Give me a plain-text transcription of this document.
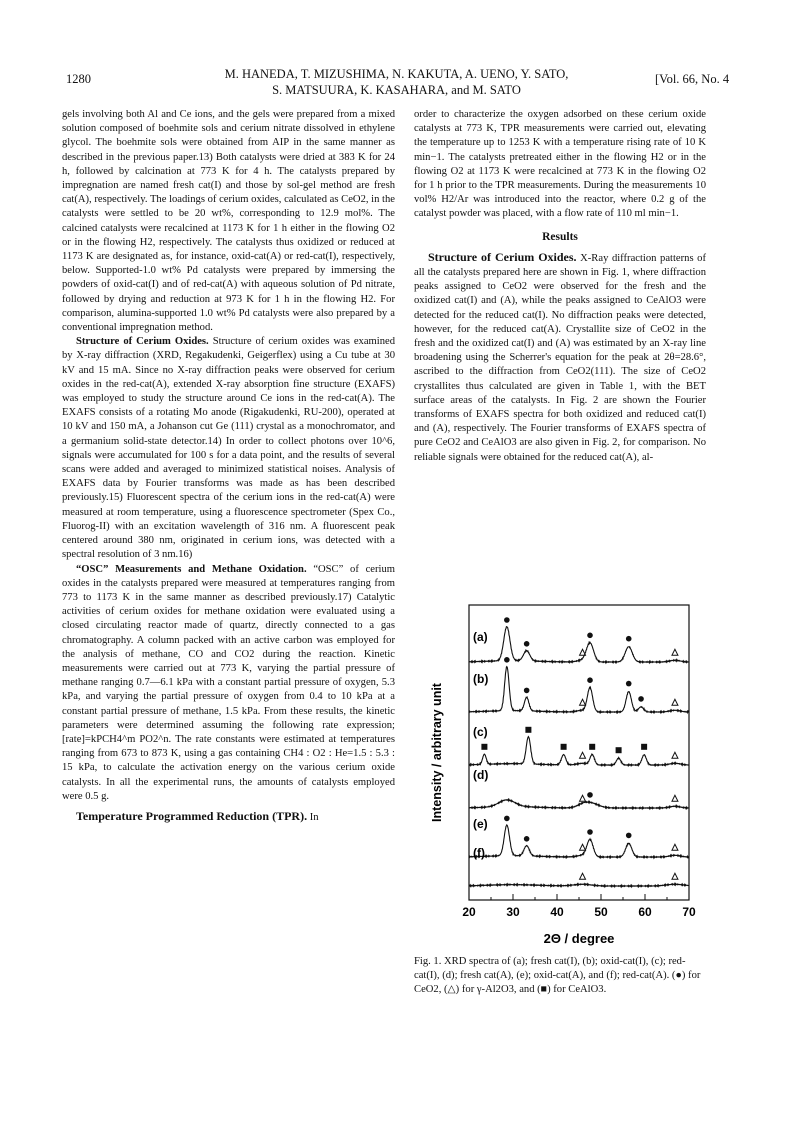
1280	M. HANEDA, T. MIZUSHIMA, N. KAKUTA, A. UENO, Y. SATO,
S. MATSUURA, K. KASAHARA, and M. SATO
[Vol. 66, No. 4

gels involving both Al and Ce ions, and the gels were prepared from a mixed solution composed of boehmite sols and cerium nitrate dissolved in ethylene glycol. The boehmite sols were obtained from AIP in the same manner as described in the previous paper.13) Both catalysts were dried at 383 K for 24 h, followed by calcination at 773 K for 4 h. The catalysts prepared by impregnation are named fresh cat(I) and those by sol-gel method are fresh cat(A), respectively. The loadings of cerium oxides, calculated as CeO2, in the catalysts were settled to be 20 wt%, corresponding to 12.9 mol%. The calcined catalysts were recalcined at 1173 K for 1 h either in the flowing O2 or in the flowing H2, respectively. The catalysts thus oxidized or reduced at 1173 K are designated as, for instance, oxid-cat(A) or red-cat(I), respectively, below. Supported-1.0 wt% Pd catalysts were prepared by immersing the powders of oxid-cat(I) and of red-cat(A) with aqueous solution of Pd nitrate, followed by drying and reduction at 973 K for 1 h in the flowing H2. For comparison, alumina-supported 1.0 wt% Pd catalysts were also prepared by a conventional impregnation method.

Structure of Cerium Oxides. Structure of cerium oxides was examined by X-ray diffraction (XRD, Regakudenki, Geigerflex) using a Cu tube at 30 kV and 15 mA. Since no X-ray diffraction peaks were observed for cerium oxides in the red-cat(A), extended X-ray absorption fine structure (EXAFS) was employed to study the structure around Ce ions in the red-cat(A). The EXAFS consists of a rotating Mo anode (Rigakudenki, RU-200), operated at 10 kV and 150 mA, a Johanson cut Ge (111) crystal as a monochromator, and a germanium solid-state detector.14) In order to collect photons over 10^6, signals were accumulated for 100 s for a data point, and the results of several scans were added and averaged to minimized statistical noises. Analysis of EXAFS data by Fourier transforms was made as has been described previously.15) Fluorescent spectra of the cerium ions in the red-cat(A) were measured at room temperature, using a fluorescence spectrometer (Spex Co., Fluorog-II) with an excitation wavelength of 316 nm. A fluorescent peak centered around 380 nm, originated in cerium ions, was detected with a spectral resolution of 3 nm.16)

“OSC” Measurements and Methane Oxidation. “OSC” of cerium oxides in the catalysts prepared were measured at temperatures ranging from 773 to 1173 K in the same manner as described previously.17) Catalytic activities of cerium oxides for methane oxidation were evaluated using a closed circulating reactor made of quartz, directly connected to a gas chromatography. A column packed with an active carbon was employed for the analysis of methane, CO and CO2 during the reaction. Kinetic measurements were carried out at 773 K, varying the partial pressure of methane ranging 0.7—6.1 kPa with a constant partial pressure of oxygen, 5.3 kPa, and varying the partial pressure of oxygen from 0.4 to 10 kPa at a constant partial pressure of methane, 1.5 kPa. From these results, the kinetic parameters were determined assuming the following rate expression; [rate]=kPCH4^m PO2^n. The rate constants were estimated at temperatures ranging from 673 to 873 K, using a gas containing CH4 : O2 : He=1.5 : 5.3 : 15 kPa, to calculate the activation energy on the various cerium oxide catalysts. In all the experimental runs, the amounts of catalysts employed were 0.5 g.

Temperature Programmed Reduction (TPR). In

order to characterize the oxygen adsorbed on these cerium oxide catalysts at 773 K, TPR measurements were carried out, elevating the temperature up to 1253 K with a temperature rising rate of 10 K min−1. The catalysts pretreated either in the flowing H2 or in the flowing O2 at 1173 K were recalcined at 773 K in the flowing O2 for 1 h prior to the TPR measurements. During the measurements 10 vol% H2/Ar was introduced into the reactor, where 0.2 g of the catalyst powder was placed, with a flow rate of 110 ml min−1.

Results

Structure of Cerium Oxides. X-Ray diffraction patterns of all the catalysts prepared here are shown in Fig. 1, where diffraction peaks assigned to CeO2 were observed for the fresh and the oxidized cat(I) and (A), while the peaks assigned to CeAlO3 were detected for the reduced cat(I). No diffraction peaks were detected, however, for the reduced cat(A). Crystallite size of CeO2 in the fresh and the oxidized cat(I) and (A) was estimated by an X-ray line broadening using the Scherrer's equation for the peak at 2θ=28.6°, ascribed to the diffraction from CeO2(111). The size of CeO2 crystallites thus calculated are given in Table 1, with the BET surface areas of the catalysts. In Fig. 2 are shown the Fourier transforms of EXAFS spectra for both oxidized and reduced cat(I) and (A), respectively. The Fourier transforms of EXAFS spectra of pure CeO2 and CeAlO3 are also given in Fig. 2, for comparison. No reliable signals were obtained for the reduced cat(A), al-

20	30	40	50	60	70
2Θ / degree
Intensity / arbitrary unit
(a)
(b)
(c)
(d)
(e)
(f)

Fig. 1. XRD spectra of (a); fresh cat(I), (b); oxid-cat(I), (c); red-cat(I), (d); fresh cat(A), (e); oxid-cat(A), and (f); red-cat(A). (●) for CeO2, (△) for γ-Al2O3, and (■) for CeAlO3.
